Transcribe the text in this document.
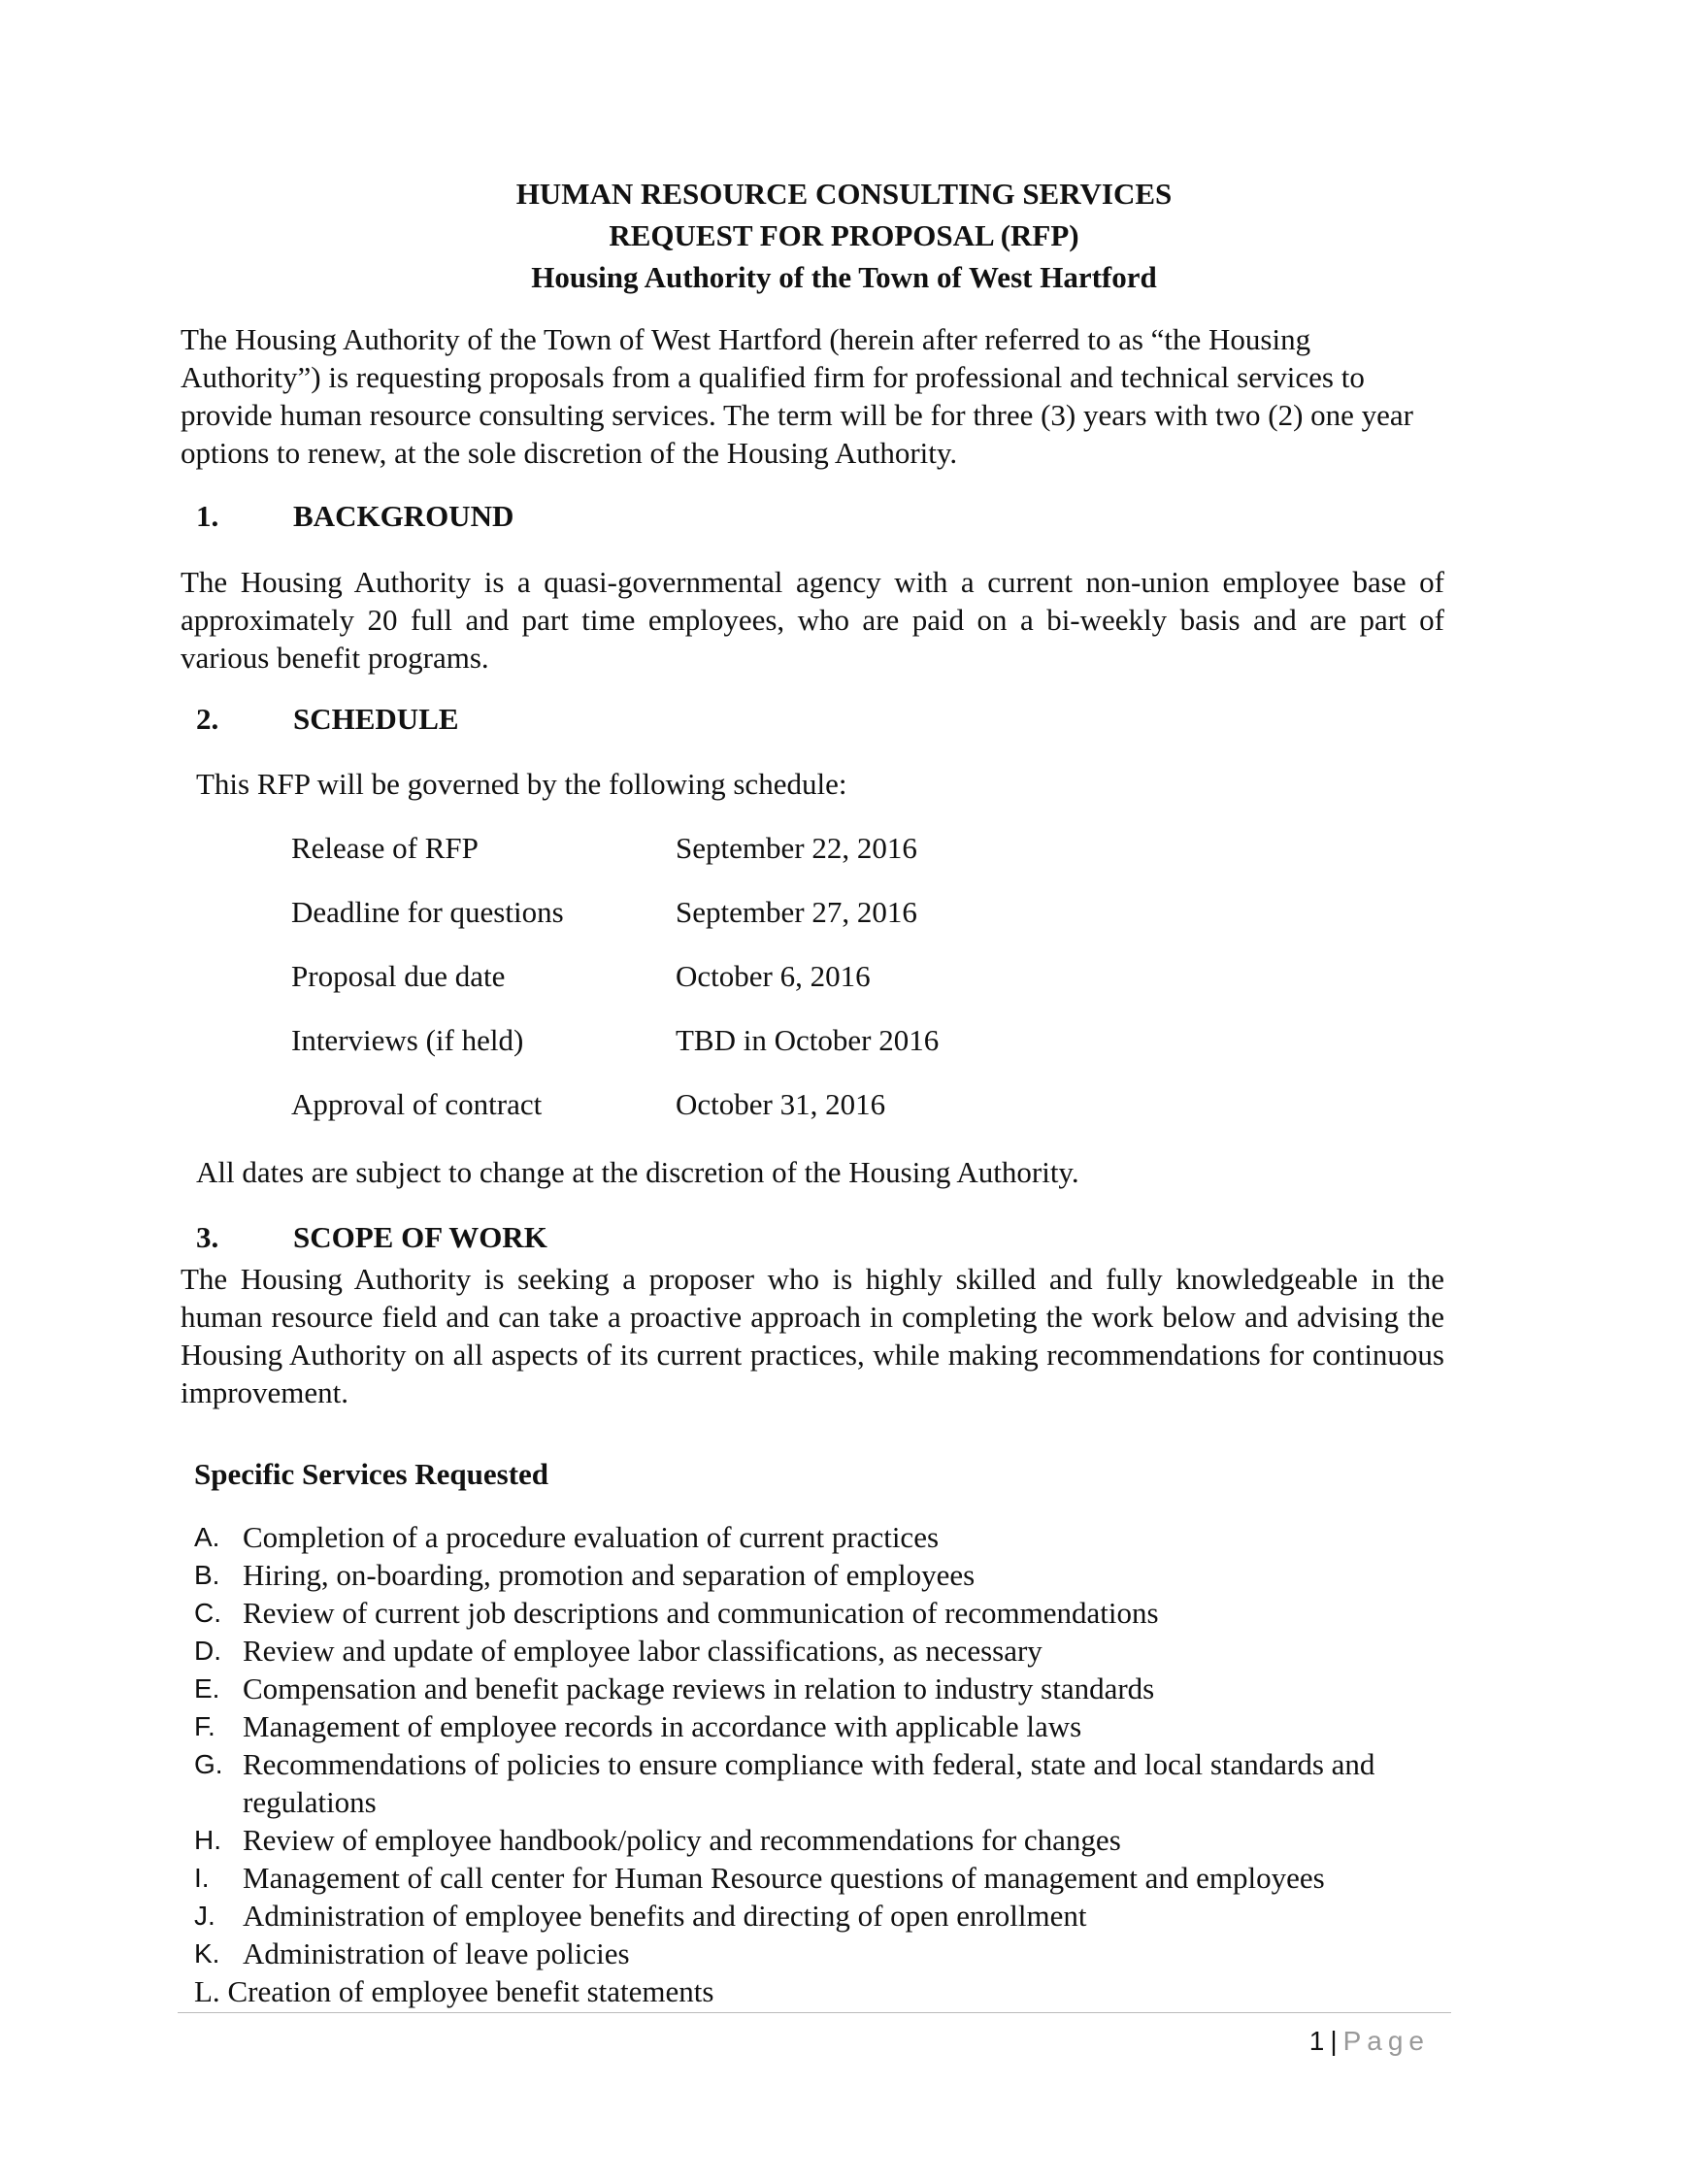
HUMAN RESOURCE CONSULTING SERVICES
REQUEST FOR PROPOSAL (RFP)
Housing Authority of the Town of West Hartford

The Housing Authority of the Town of West Hartford (herein after referred to as “the Housing Authority”) is requesting proposals from a qualified firm for professional and technical services to provide human resource consulting services. The term will be for three (3) years with two (2) one year options to renew, at the sole discretion of the Housing Authority.

1. BACKGROUND

The Housing Authority is a quasi-governmental agency with a current non-union employee base of approximately 20 full and part time employees, who are paid on a bi-weekly basis and are part of various benefit programs.

2. SCHEDULE
This RFP will be governed by the following schedule:
Release of RFP	September 22, 2016
Deadline for questions	September 27, 2016
Proposal due date	October 6, 2016
Interviews (if held)	TBD in October 2016
Approval of contract	October 31, 2016
All dates are subject to change at the discretion of the Housing Authority.
3. SCOPE OF WORK

The Housing Authority is seeking a proposer who is highly skilled and fully knowledgeable in the human resource field and can take a proactive approach in completing the work below and advising the Housing Authority on all aspects of its current practices, while making recommendations for continuous improvement.

Specific Services Requested
A. Completion of a procedure evaluation of current practices
B. Hiring, on-boarding, promotion and separation of employees
C. Review of current job descriptions and communication of recommendations
D. Review and update of employee labor classifications, as necessary
E. Compensation and benefit package reviews in relation to industry standards
F. Management of employee records in accordance with applicable laws
G. Recommendations of policies to ensure compliance with federal, state and local standards and regulations
H. Review of employee handbook/policy and recommendations for changes
I. Management of call center for Human Resource questions of management and employees
J. Administration of employee benefits and directing of open enrollment
K. Administration of leave policies
L. Creation of employee benefit statements
1 | Page
